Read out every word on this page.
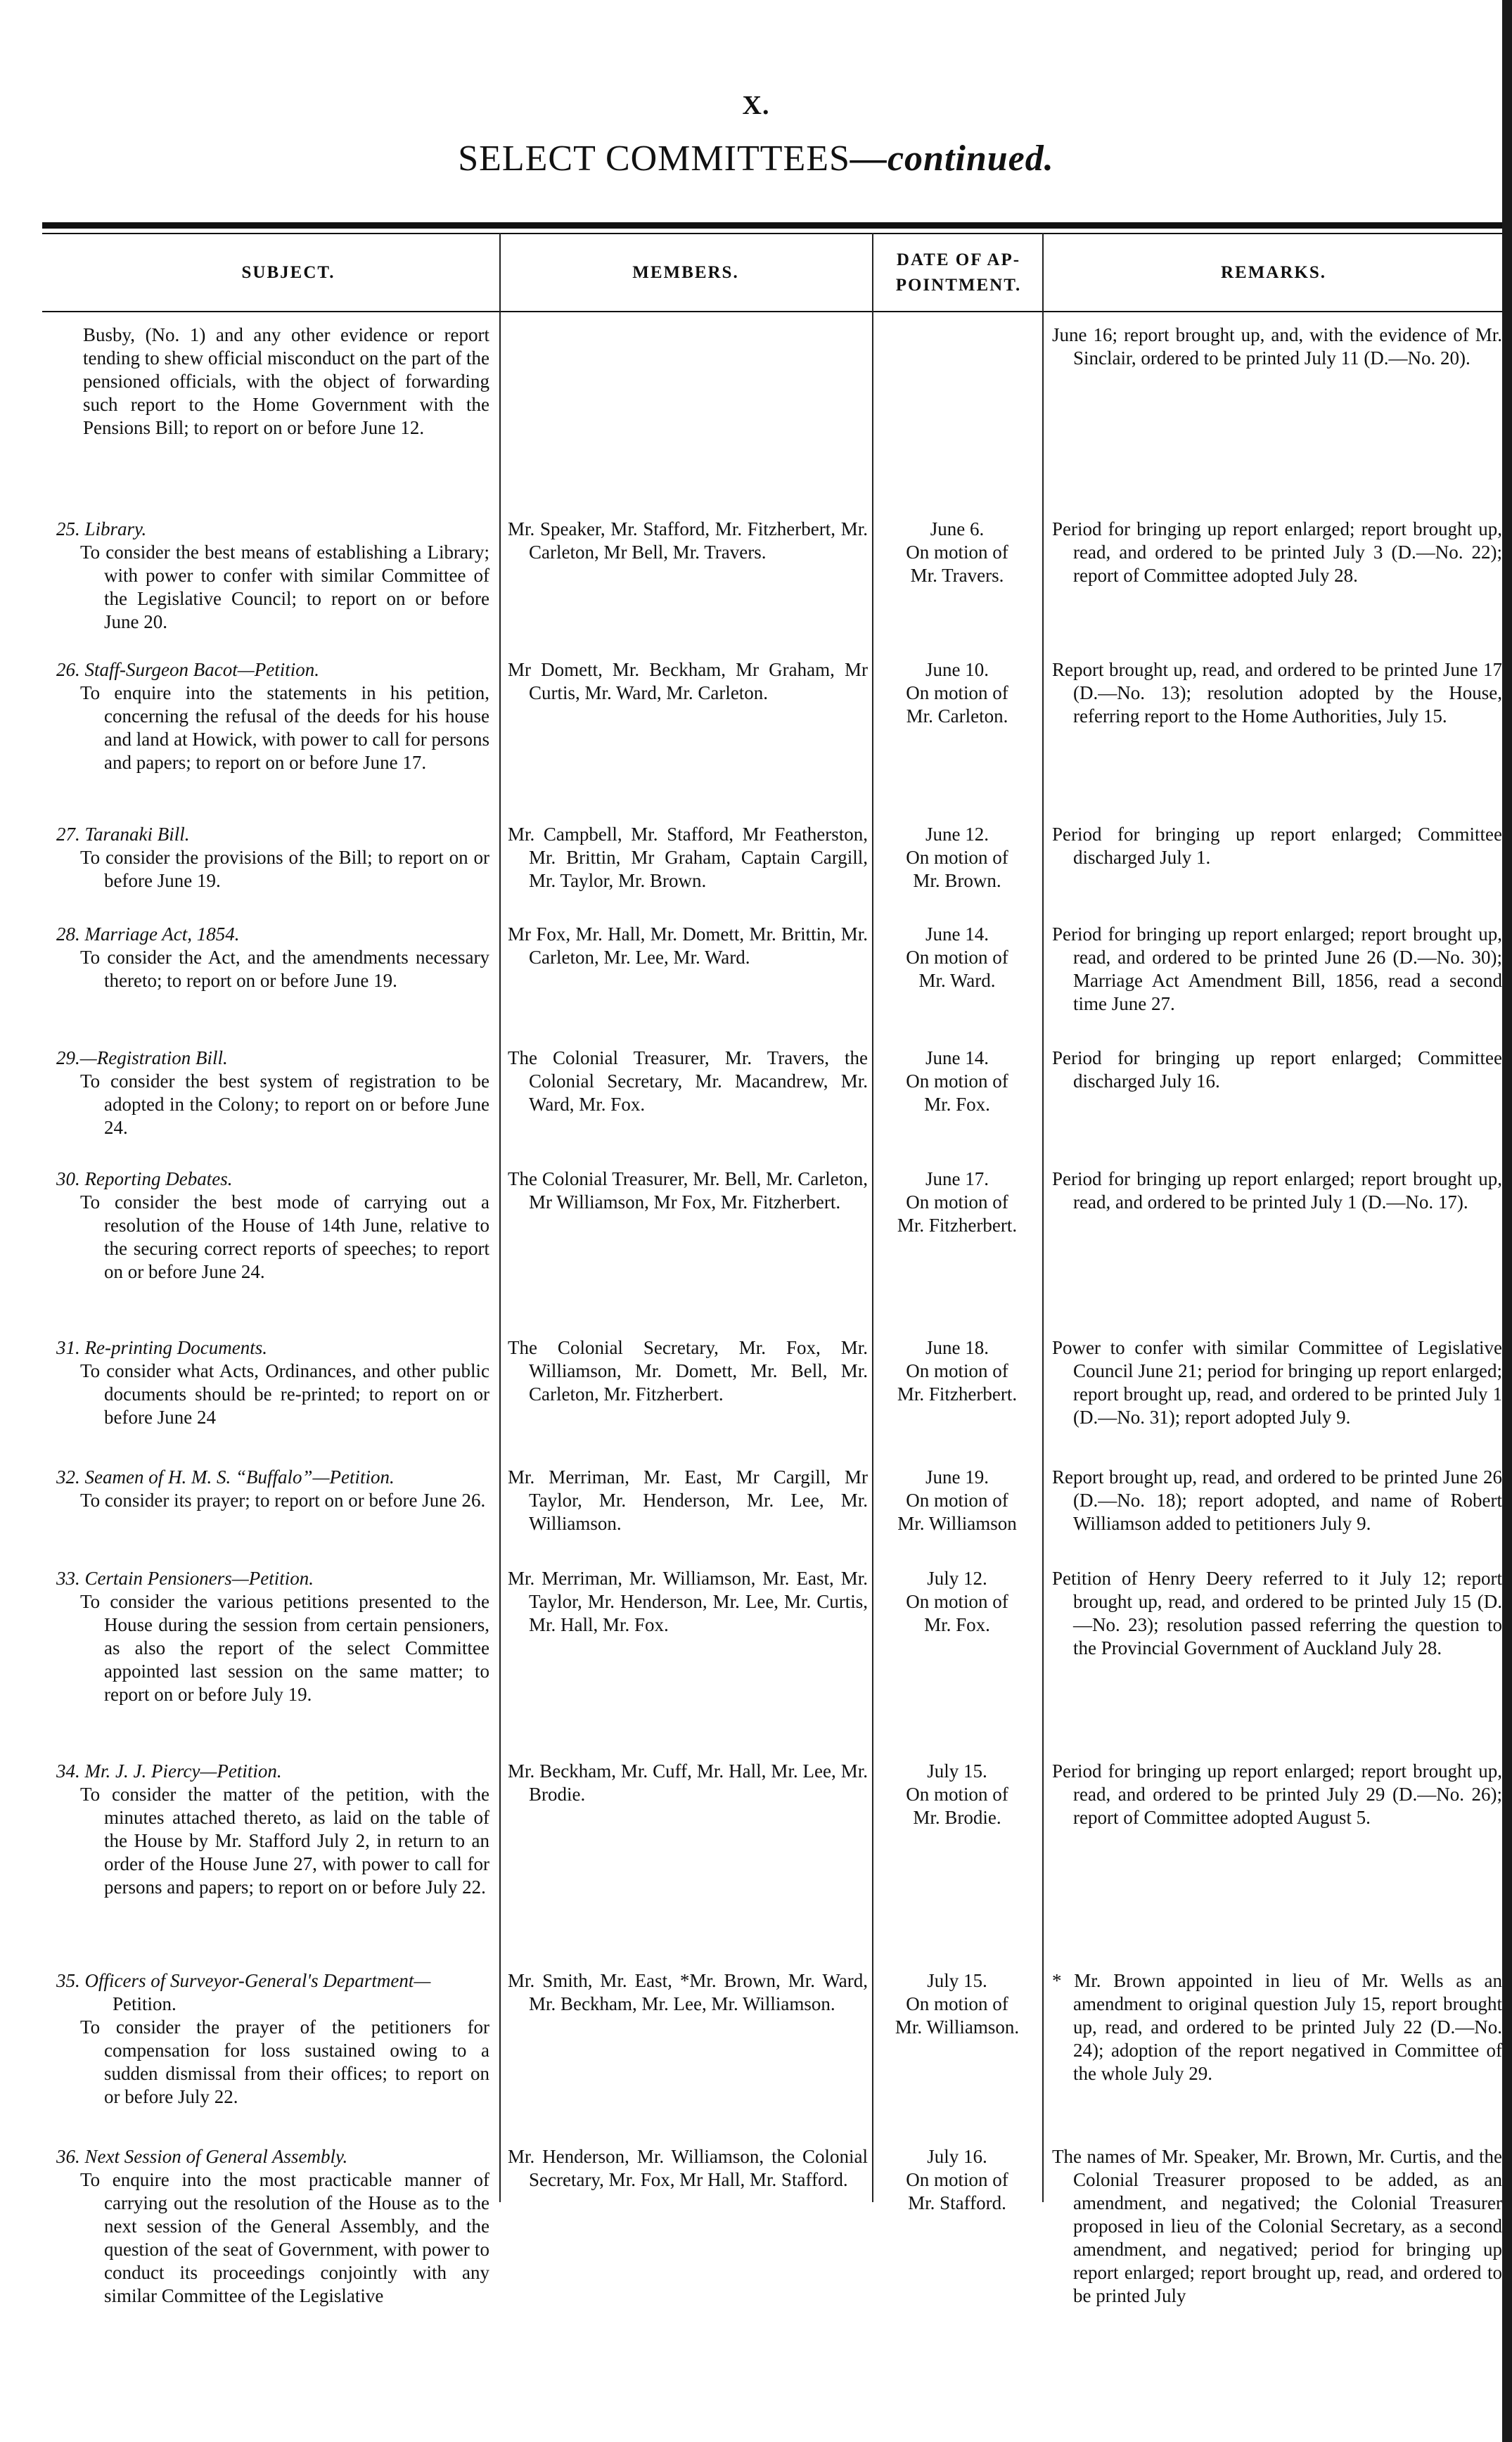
X.
SELECT COMMITTEES—continued.
SUBJECT.	MEMBERS.
DATE OF AP-
POINTMENT.
REMARKS.
Busby, (No. 1) and any other evidence or report tending to shew official misconduct on the part of the pensioned officials, with the object of forwarding such report to the Home Government with the Pensions Bill; to report on or before June 12.
June 16; report brought up, and, with the evidence of Mr. Sinclair, ordered to be printed July 11 (D.—No. 20).
25. Library.
To consider the best means of establishing a Library; with power to confer with similar Committee of the Legislative Council; to report on or before June 20.
Mr. Speaker, Mr. Stafford, Mr. Fitzherbert, Mr. Carleton, Mr Bell, Mr. Travers.
June 6.
On motion of
Mr. Travers.
Period for bringing up report enlarged; report brought up, read, and ordered to be printed July 3 (D.—No. 22); report of Committee adopted July 28.
26. Staff-Surgeon Bacot—Petition.
To enquire into the statements in his petition, concerning the refusal of the deeds for his house and land at Howick, with power to call for persons and papers; to report on or before June 17.
Mr Domett, Mr. Beckham, Mr Graham, Mr Curtis, Mr. Ward, Mr. Carleton.
June 10.
On motion of
Mr. Carleton.
Report brought up, read, and ordered to be printed June 17 (D.—No. 13); resolution adopted by the House, referring report to the Home Authorities, July 15.
27. Taranaki Bill.
To consider the provisions of the Bill; to report on or before June 19.
Mr. Campbell, Mr. Stafford, Mr Featherston, Mr. Brittin, Mr Graham, Captain Cargill, Mr. Taylor, Mr. Brown.
June 12.
On motion of
Mr. Brown.
Period for bringing up report enlarged; Committee discharged July 1.
28. Marriage Act, 1854.
To consider the Act, and the amendments necessary thereto; to report on or before June 19.
Mr Fox, Mr. Hall, Mr. Domett, Mr. Brittin, Mr. Carleton, Mr. Lee, Mr. Ward.
June 14.
On motion of
Mr. Ward.
Period for bringing up report enlarged; report brought up, read, and ordered to be printed June 26 (D.—No. 30); Marriage Act Amendment Bill, 1856, read a second time June 27.
29.—Registration Bill.
To consider the best system of registration to be adopted in the Colony; to report on or before June 24.
The Colonial Treasurer, Mr. Travers, the Colonial Secretary, Mr. Macandrew, Mr. Ward, Mr. Fox.
June 14.
On motion of
Mr. Fox.
Period for bringing up report enlarged; Committee discharged July 16.
30. Reporting Debates.
To consider the best mode of carrying out a resolution of the House of 14th June, relative to the securing correct reports of speeches; to report on or before June 24.
The Colonial Treasurer, Mr. Bell, Mr. Carleton, Mr Williamson, Mr Fox, Mr. Fitzherbert.
June 17.
On motion of
Mr. Fitzherbert.
Period for bringing up report enlarged; report brought up, read, and ordered to be printed July 1 (D.—No. 17).
31. Re-printing Documents.
To consider what Acts, Ordinances, and other public documents should be re-printed; to report on or before June 24
The Colonial Secretary, Mr. Fox, Mr. Williamson, Mr. Domett, Mr. Bell, Mr. Carleton, Mr. Fitzherbert.
June 18.
On motion of
Mr. Fitzherbert.
Power to confer with similar Committee of Legislative Council June 21; period for bringing up report enlarged; report brought up, read, and ordered to be printed July 1 (D.—No. 31); report adopted July 9.
32. Seamen of H. M. S. “Buffalo”—Petition.
To consider its prayer; to report on or before June 26.
Mr. Merriman, Mr. East, Mr Cargill, Mr Taylor, Mr. Henderson, Mr. Lee, Mr. Williamson.
June 19.
On motion of
Mr. Williamson
Report brought up, read, and ordered to be printed June 26 (D.—No. 18); report adopted, and name of Robert Williamson added to petitioners July 9.
33. Certain Pensioners—Petition.
To consider the various petitions presented to the House during the session from certain pensioners, as also the report of the select Committee appointed last session on the same matter; to report on or before July 19.
Mr. Merriman, Mr. Williamson, Mr. East, Mr. Taylor, Mr. Henderson, Mr. Lee, Mr. Curtis, Mr. Hall, Mr. Fox.
July 12.
On motion of
Mr. Fox.
Petition of Henry Deery referred to it July 12; report brought up, read, and ordered to be printed July 15 (D.—No. 23); resolution passed referring the question to the Provincial Government of Auckland July 28.
34. Mr. J. J. Piercy—Petition.
To consider the matter of the petition, with the minutes attached thereto, as laid on the table of the House by Mr. Stafford July 2, in return to an order of the House June 27, with power to call for persons and papers; to report on or before July 22.
Mr. Beckham, Mr. Cuff, Mr. Hall, Mr. Lee, Mr. Brodie.
July 15.
On motion of
Mr. Brodie.
Period for bringing up report enlarged; report brought up, read, and ordered to be printed July 29 (D.—No. 26); report of Committee adopted August 5.
35. Officers of Surveyor-General's Department—
Petition.
To consider the prayer of the petitioners for compensation for loss sustained owing to a sudden dismissal from their offices; to report on or before July 22.
Mr. Smith, Mr. East, *Mr. Brown, Mr. Ward, Mr. Beckham, Mr. Lee, Mr. Williamson.
July 15.
On motion of
Mr. Williamson.
* Mr. Brown appointed in lieu of Mr. Wells as an amendment to original question July 15, report brought up, read, and ordered to be printed July 22 (D.—No. 24); adoption of the report negatived in Committee of the whole July 29.
36. Next Session of General Assembly.
To enquire into the most practicable manner of carrying out the resolution of the House as to the next session of the General Assembly, and the question of the seat of Government, with power to conduct its proceedings conjointly with any similar Committee of the Legislative
Mr. Henderson, Mr. Williamson, the Colonial Secretary, Mr. Fox, Mr Hall, Mr. Stafford.
July 16.
On motion of
Mr. Stafford.
The names of Mr. Speaker, Mr. Brown, Mr. Curtis, and the Colonial Treasurer proposed to be added, as an amendment, and negatived; the Colonial Treasurer proposed in lieu of the Colonial Secretary, as a second amendment, and negatived; period for bringing up report enlarged; report brought up, read, and ordered to be printed July
